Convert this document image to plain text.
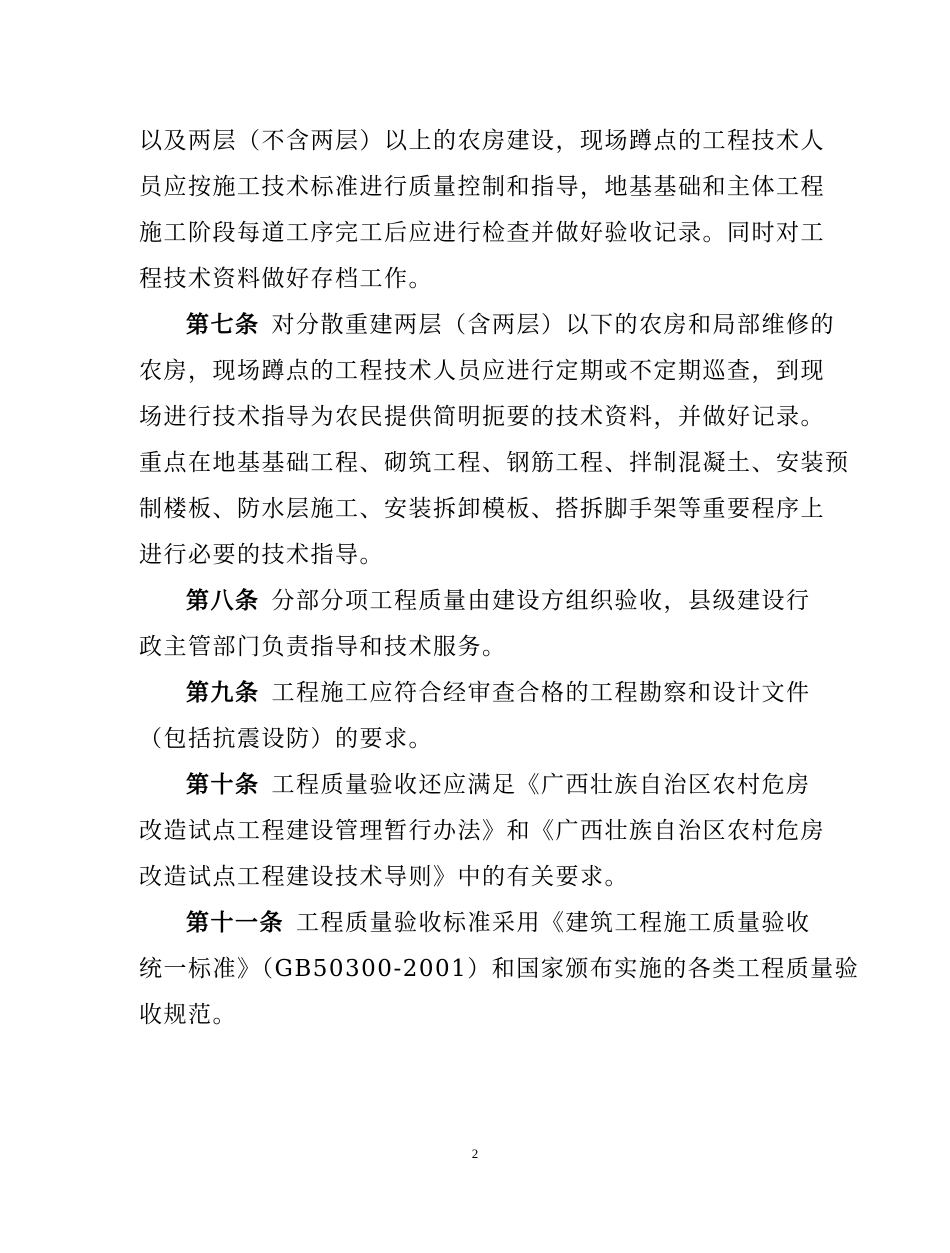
以及两层（不含两层）以上的农房建设，现场蹲点的工程技术人
员应按施工技术标准进行质量控制和指导，地基基础和主体工程
施工阶段每道工序完工后应进行检查并做好验收记录。同时对工
程技术资料做好存档工作。
第七条 对分散重建两层（含两层）以下的农房和局部维修的
农房，现场蹲点的工程技术人员应进行定期或不定期巡查，到现
场进行技术指导为农民提供简明扼要的技术资料，并做好记录。
重点在地基基础工程、砌筑工程、钢筋工程、拌制混凝土、安装预
制楼板、防水层施工、安装拆卸模板、搭拆脚手架等重要程序上
进行必要的技术指导。
第八条 分部分项工程质量由建设方组织验收，县级建设行
政主管部门负责指导和技术服务。
第九条 工程施工应符合经审查合格的工程勘察和设计文件
（包括抗震设防）的要求。
第十条 工程质量验收还应满足《广西壮族自治区农村危房
改造试点工程建设管理暂行办法》和《广西壮族自治区农村危房
改造试点工程建设技术导则》中的有关要求。
第十一条 工程质量验收标准采用《建筑工程施工质量验收
统一标准》（GB50300-2001）和国家颁布实施的各类工程质量验
收规范。
2
